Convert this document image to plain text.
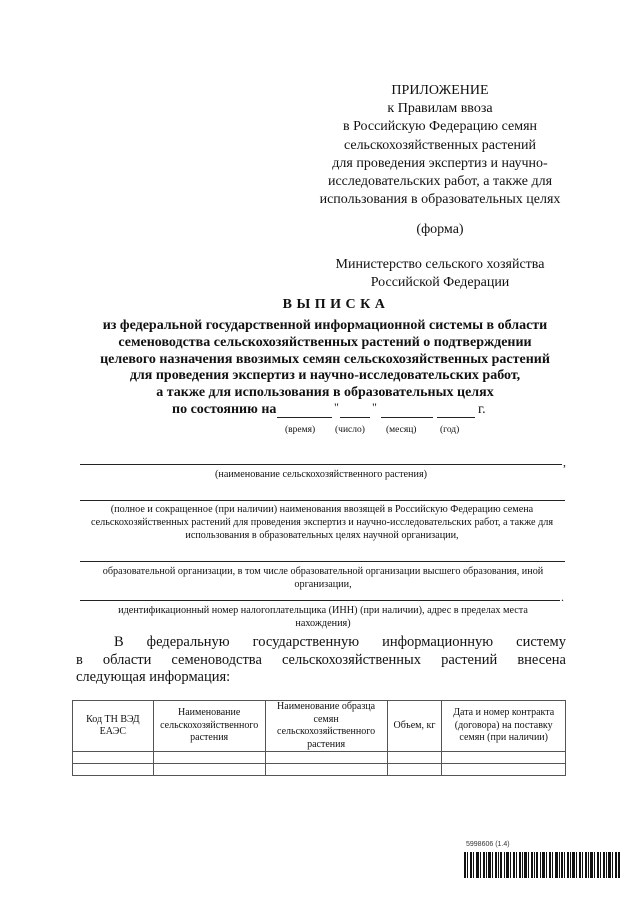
ПРИЛОЖЕНИЕ
к Правилам ввоза
в Российскую Федерацию семян
сельскохозяйственных растений
для проведения экспертиз и научно-
исследовательских работ, а также для
использования в образовательных целях
(форма)
Министерство сельского хозяйства
Российской Федерации
ВЫПИСКА
из федеральной государственной информационной системы в области
семеноводства сельскохозяйственных растений о подтверждении
целевого назначения ввозимых семян сельскохозяйственных растений
для проведения экспертиз и научно-исследовательских работ,
а также для использования в образовательных целях
по состоянию на	"	"	г.
(время) (число) (месяц) (год)
,
(наименование сельскохозяйственного растения)
(полное и сокращенное (при наличии) наименования ввозящей в Российскую Федерацию семена сельскохозяйственных растений для проведения экспертиз и научно-исследовательских работ, а также для использования в образовательных целях научной организации,
образовательной организации, в том числе образовательной организации высшего образования, иной организации,
.
идентификационный номер налогоплательщика (ИНН) (при наличии), адрес в пределах места нахождения)
В федеральную государственную информационную систему
в области семеноводства сельскохозяйственных растений внесена
следующая информация:
Код ТН ВЭД ЕАЭС	Наименование сельскохозяйственного растения	Наименование образца семян сельскохозяйственного растения	Объем, кг	Дата и номер контракта (договора) на поставку семян (при наличии)

5998606 (1.4)
